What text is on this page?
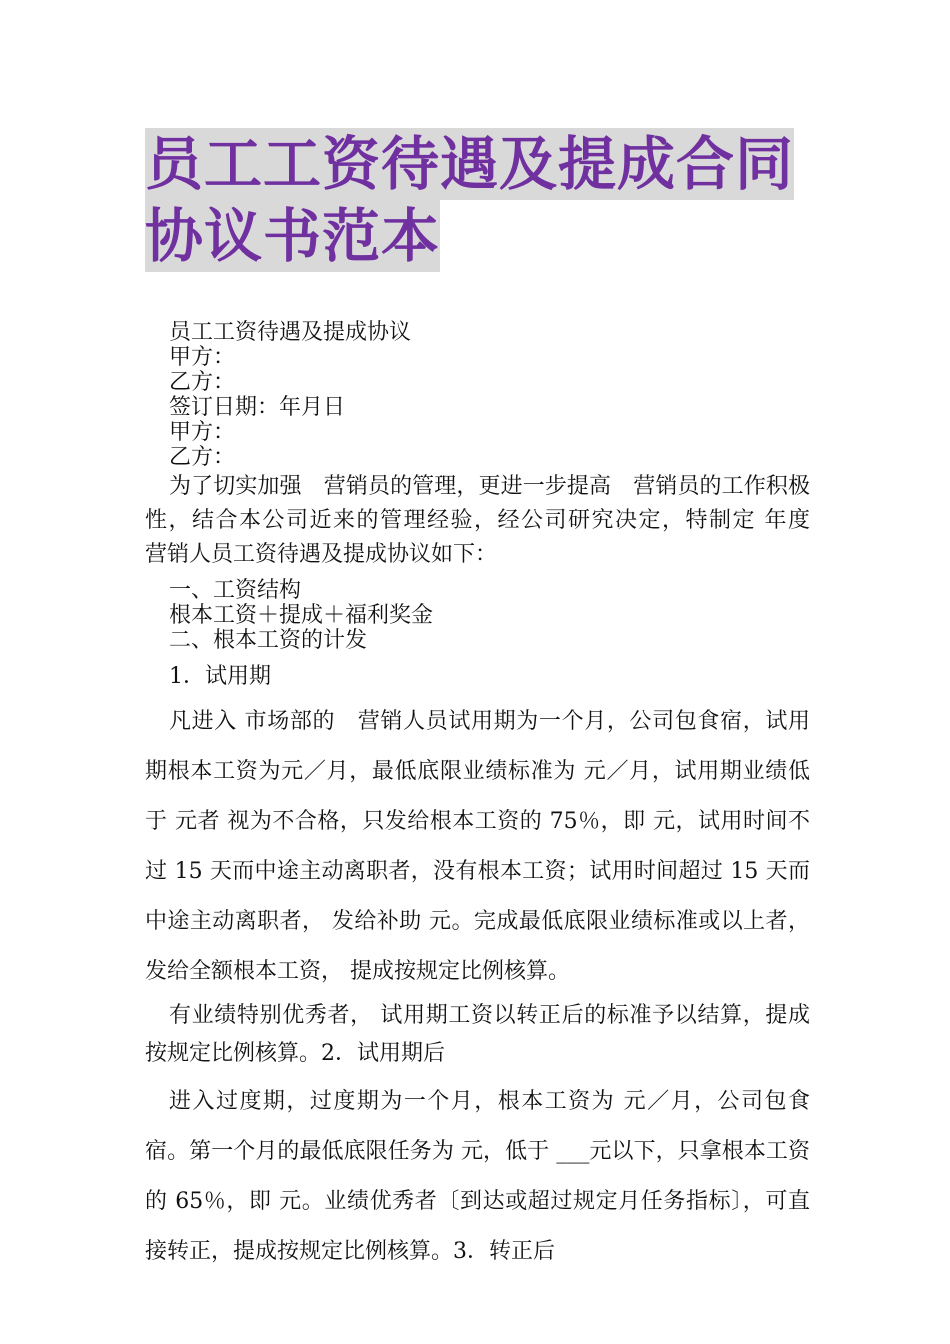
员工工资待遇及提成合同
协议书范本

员工工资待遇及提成协议

甲方：

乙方：

签订日期：年月日

甲方：

乙方：

为了切实加强　营销员的管理，更进一步提高　营销员的工作积极性，结合本公司近来的管理经验，经公司研究决定，特制定 年度　营销人员工资待遇及提成协议如下：

一、工资结构

根本工资＋提成＋福利奖金

二、根本工资的计发

1．试用期

凡进入 市场部的　营销人员试用期为一个月，公司包食宿，试用期根本工资为元／月，最低底限业绩标准为 元／月，试用期业绩低于 元者 视为不合格，只发给根本工资的 75％，即 元，试用时间不过 15 天而中途主动离职者，没有根本工资；试用时间超过 15 天而中途主动离职者， 发给补助 元。完成最低底限业绩标准或以上者， 发给全额根本工资， 提成按规定比例核算。

有业绩特别优秀者， 试用期工资以转正后的标准予以结算，提成按规定比例核算。2．试用期后

进入过度期，过度期为一个月，根本工资为 元／月，公司包食宿。第一个月的最低底限任务为 元，低于 ___元以下，只拿根本工资的 65％，即 元。业绩优秀者〔到达或超过规定月任务指标〕，可直接转正，提成按规定比例核算。3．转正后
